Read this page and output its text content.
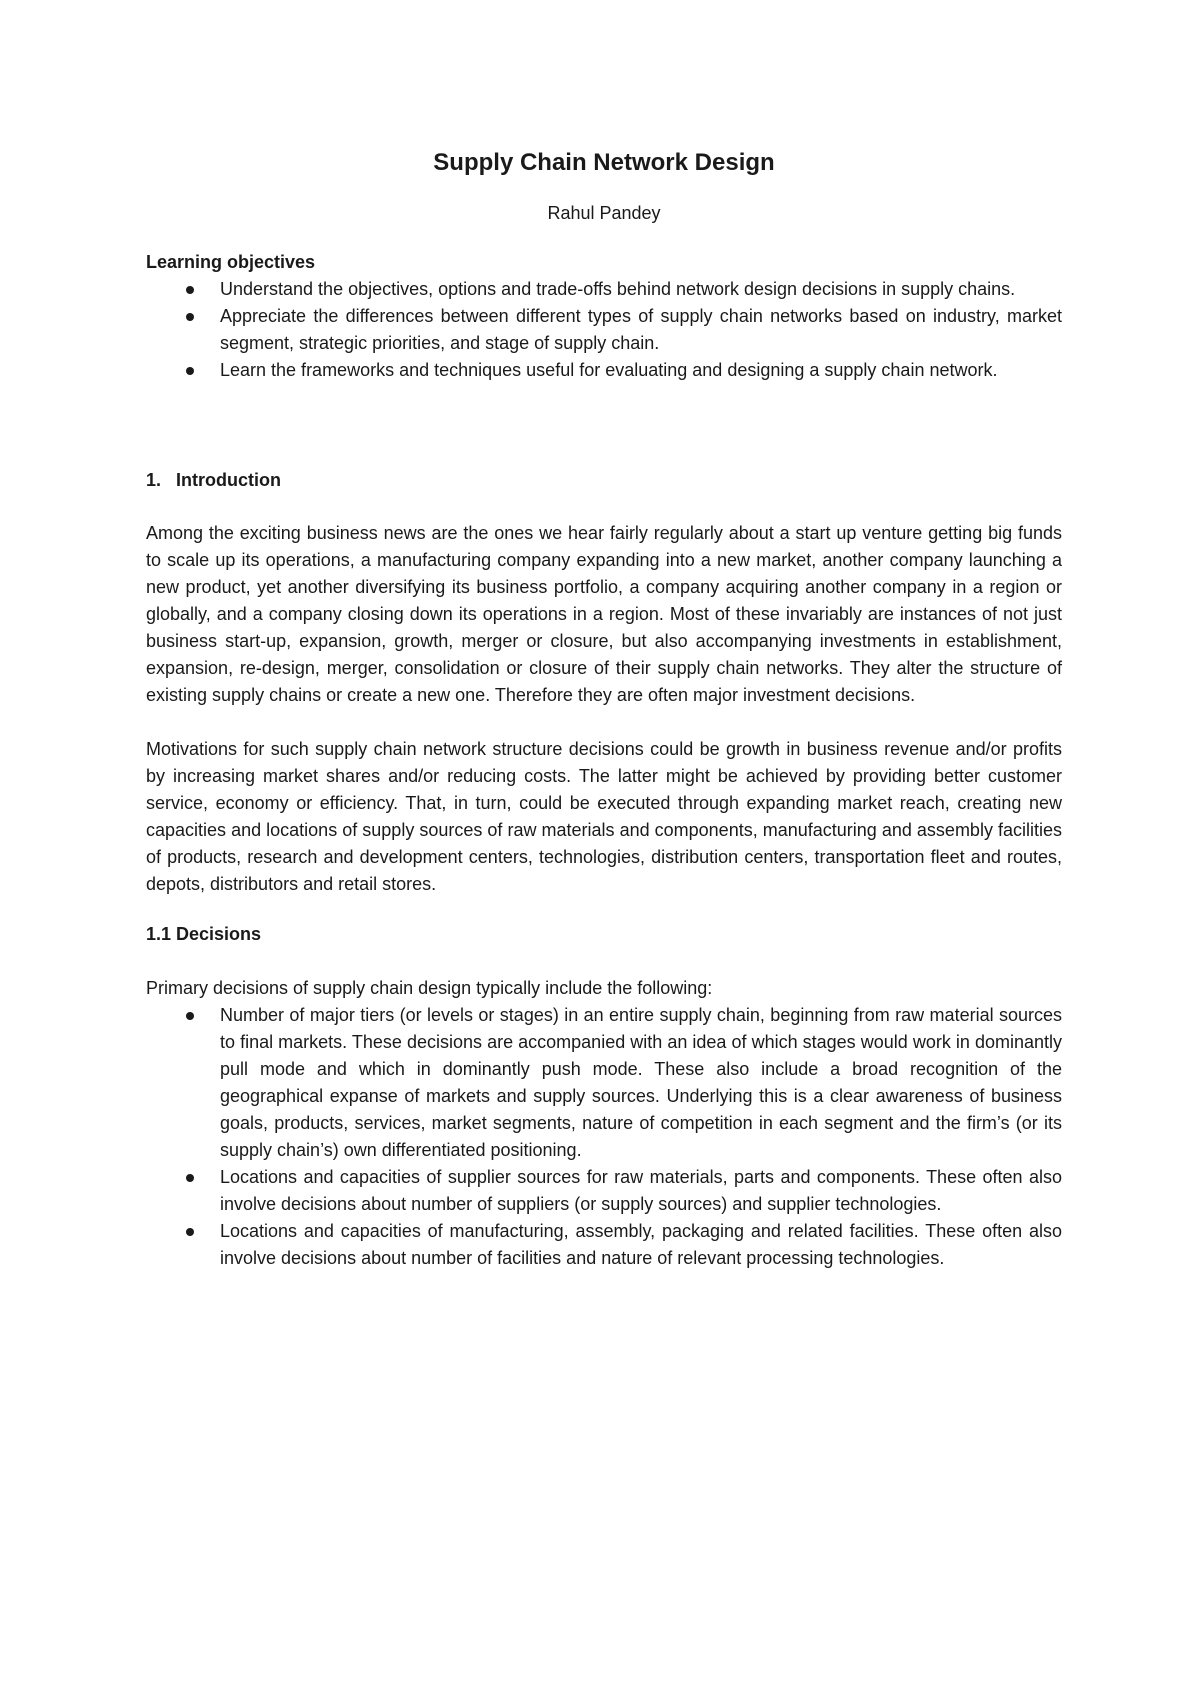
Supply Chain Network Design

Rahul Pandey

Learning objectives
Understand the objectives, options and trade-offs behind network design decisions in supply chains.
Appreciate the differences between different types of supply chain networks based on industry, market segment, strategic priorities, and stage of supply chain.
Learn the frameworks and techniques useful for evaluating and designing a supply chain network.
1.   Introduction

Among the exciting business news are the ones we hear fairly regularly about a start up venture getting big funds to scale up its operations, a manufacturing company expanding into a new market, another company launching a new product, yet another diversifying its business portfolio, a company acquiring another company in a region or globally, and a company closing down its operations in a region. Most of these invariably are instances of not just business start-up, expansion, growth, merger or closure, but also accompanying investments in establishment, expansion, re-design, merger, consolidation or closure of their supply chain networks. They alter the structure of existing supply chains or create a new one. Therefore they are often major investment decisions.

Motivations for such supply chain network structure decisions could be growth in business revenue and/or profits by increasing market shares and/or reducing costs. The latter might be achieved by providing better customer service, economy or efficiency. That, in turn, could be executed through expanding market reach, creating new capacities and locations of supply sources of raw materials and components, manufacturing and assembly facilities of products, research and development centers, technologies, distribution centers, transportation fleet and routes, depots, distributors and retail stores.

1.1 Decisions

Primary decisions of supply chain design typically include the following:

Number of major tiers (or levels or stages) in an entire supply chain, beginning from raw material sources to final markets. These decisions are accompanied with an idea of which stages would work in dominantly pull mode and which in dominantly push mode. These also include a broad recognition of the geographical expanse of markets and supply sources. Underlying this is a clear awareness of business goals, products, services, market segments, nature of competition in each segment and the firm’s (or its supply chain’s) own differentiated positioning.
Locations and capacities of supplier sources for raw materials, parts and components. These often also involve decisions about number of suppliers (or supply sources) and supplier technologies.
Locations and capacities of manufacturing, assembly, packaging and related facilities. These often also involve decisions about number of facilities and nature of relevant processing technologies.
